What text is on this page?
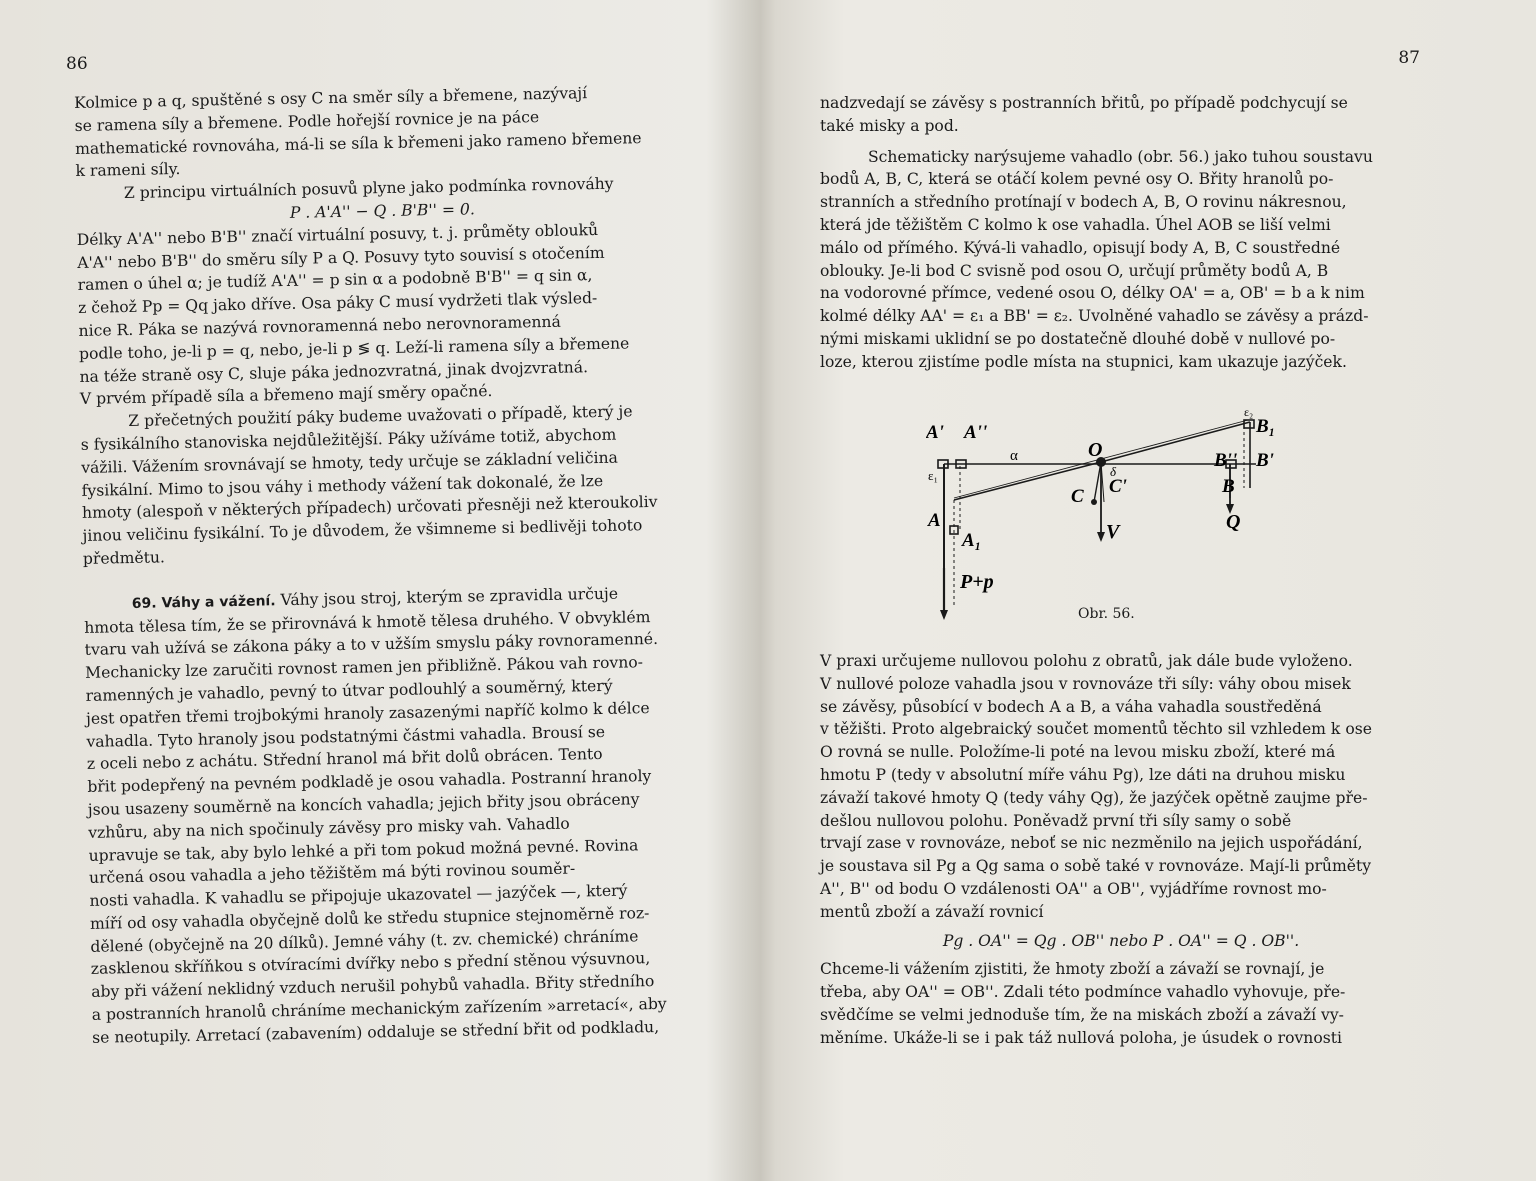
86

Kolmice p a q, spuštěné s osy C na směr síly a břemene, nazývají

se ramena síly a břemene. Podle hořejší rovnice je na páce

mathematické rovnováha, má-li se síla k břemeni jako rameno břemene

k rameni síly.

Z principu virtuálních posuvů plyne jako podmínka rovnováhy

P . A'A'' − Q . B'B'' = 0.

Délky A'A'' nebo B'B'' značí virtuální posuvy, t. j. průměty oblouků

A'A'' nebo B'B'' do směru síly P a Q. Posuvy tyto souvisí s otočením

ramen o úhel α; je tudíž A'A'' = p sin α a podobně B'B'' = q sin α,

z čehož Pp = Qq jako dříve. Osa páky C musí vydržeti tlak výsled-

nice R. Páka se nazývá rovnoramenná nebo nerovnoramenná

podle toho, je-li p = q, nebo, je-li p ≶ q. Leží-li ramena síly a břemene

na téže straně osy C, sluje páka jednozvratná, jinak dvojzvratná.

V prvém případě síla a břemeno mají směry opačné.

Z přečetných použití páky budeme uvažovati o případě, který je

s fysikálního stanoviska nejdůležitější. Páky užíváme totiž, abychom

vážili. Vážením srovnávají se hmoty, tedy určuje se základní veličina

fysikální. Mimo to jsou váhy i methody vážení tak dokonalé, že lze

hmoty (alespoň v některých případech) určovati přesněji než kteroukoliv

jinou veličinu fysikální. To je důvodem, že všimneme si bedlivěji tohoto

předmětu.

69. Váhy a vážení. Váhy jsou stroj, kterým se zpravidla určuje

hmota tělesa tím, že se přirovnává k hmotě tělesa druhého. V obvyklém

tvaru vah užívá se zákona páky a to v užším smyslu páky rovnoramenné.

Mechanicky lze zaručiti rovnost ramen jen přibližně. Pákou vah rovno-

ramenných je vahadlo, pevný to útvar podlouhlý a souměrný, který

jest opatřen třemi trojbokými hranoly zasazenými napříč kolmo k délce

vahadla. Tyto hranoly jsou podstatnými částmi vahadla. Brousí se

z oceli nebo z achátu. Střední hranol má břit dolů obrácen. Tento

břit podepřený na pevném podkladě je osou vahadla. Postranní hranoly

jsou usazeny souměrně na koncích vahadla; jejich břity jsou obráceny

vzhůru, aby na nich spočinuly závěsy pro misky vah. Vahadlo

upravuje se tak, aby bylo lehké a při tom pokud možná pevné. Rovina

určená osou vahadla a jeho těžištěm má býti rovinou souměr-

nosti vahadla. K vahadlu se připojuje ukazovatel — jazýček —, který

míří od osy vahadla obyčejně dolů ke středu stupnice stejnoměrně roz-

dělené (obyčejně na 20 dílků). Jemné váhy (t. zv. chemické) chráníme

zasklenou skříňkou s otvíracími dvířky nebo s přední stěnou výsuvnou,

aby při vážení neklidný vzduch nerušil pohybů vahadla. Břity středního

a postranních hranolů chráníme mechanickým zařízením »arretací«, aby

se neotupily. Arretací (zabavením) oddaluje se střední břit od podkladu,

87

nadzvedají se závěsy s postranních břitů, po případě podchycují se

také misky a pod.

Schematicky narýsujeme vahadlo (obr. 56.) jako tuhou soustavu

bodů A, B, C, která se otáčí kolem pevné osy O. Břity hranolů po-

stranních a středního protínají v bodech A, B, O rovinu nákresnou,

která jde těžištěm C kolmo k ose vahadla. Úhel AOB se liší velmi

málo od přímého. Kývá-li vahadlo, opisují body A, B, C soustředné

oblouky. Je-li bod C svisně pod osou O, určují průměty bodů A, B

na vodorovné přímce, vedené osou O, délky OA' = a, OB' = b a k nim

kolmé délky AA' = ε₁ a BB' = ε₂. Uvolněné vahadlo se závěsy a prázd-

nými miskami uklidní se po dostatečně dlouhé době v nullové po-

loze, kterou zjistíme podle místa na stupnici, kam ukazuje jazýček.

A' A''
ε₁
A
A₁
P+p
α	O
δ
C C'
V
ε₂
B₁
B'' B'
B
Q
Obr. 56.

V praxi určujeme nullovou polohu z obratů, jak dále bude vyloženo.

V nullové poloze vahadla jsou v rovnováze tři síly: váhy obou misek

se závěsy, působící v bodech A a B, a váha vahadla soustředěná

v těžišti. Proto algebraický součet momentů těchto sil vzhledem k ose

O rovná se nulle. Položíme-li poté na levou misku zboží, které má

hmotu P (tedy v absolutní míře váhu Pg), lze dáti na druhou misku

závaží takové hmoty Q (tedy váhy Qg), že jazýček opětně zaujme pře-

dešlou nullovou polohu. Poněvadž první tři síly samy o sobě

trvají zase v rovnováze, neboť se nic nezměnilo na jejich uspořádání,

je soustava sil Pg a Qg sama o sobě také v rovnováze. Mají-li průměty

A'', B'' od bodu O vzdálenosti OA'' a OB'', vyjádříme rovnost mo-

mentů zboží a závaží rovnicí

Pg . OA'' = Qg . OB'' nebo P . OA'' = Q . OB''.

Chceme-li vážením zjistiti, že hmoty zboží a závaží se rovnají, je

třeba, aby OA'' = OB''. Zdali této podmínce vahadlo vyhovuje, pře-

svědčíme se velmi jednoduše tím, že na miskách zboží a závaží vy-

měníme. Ukáže-li se i pak táž nullová poloha, je úsudek o rovnosti
